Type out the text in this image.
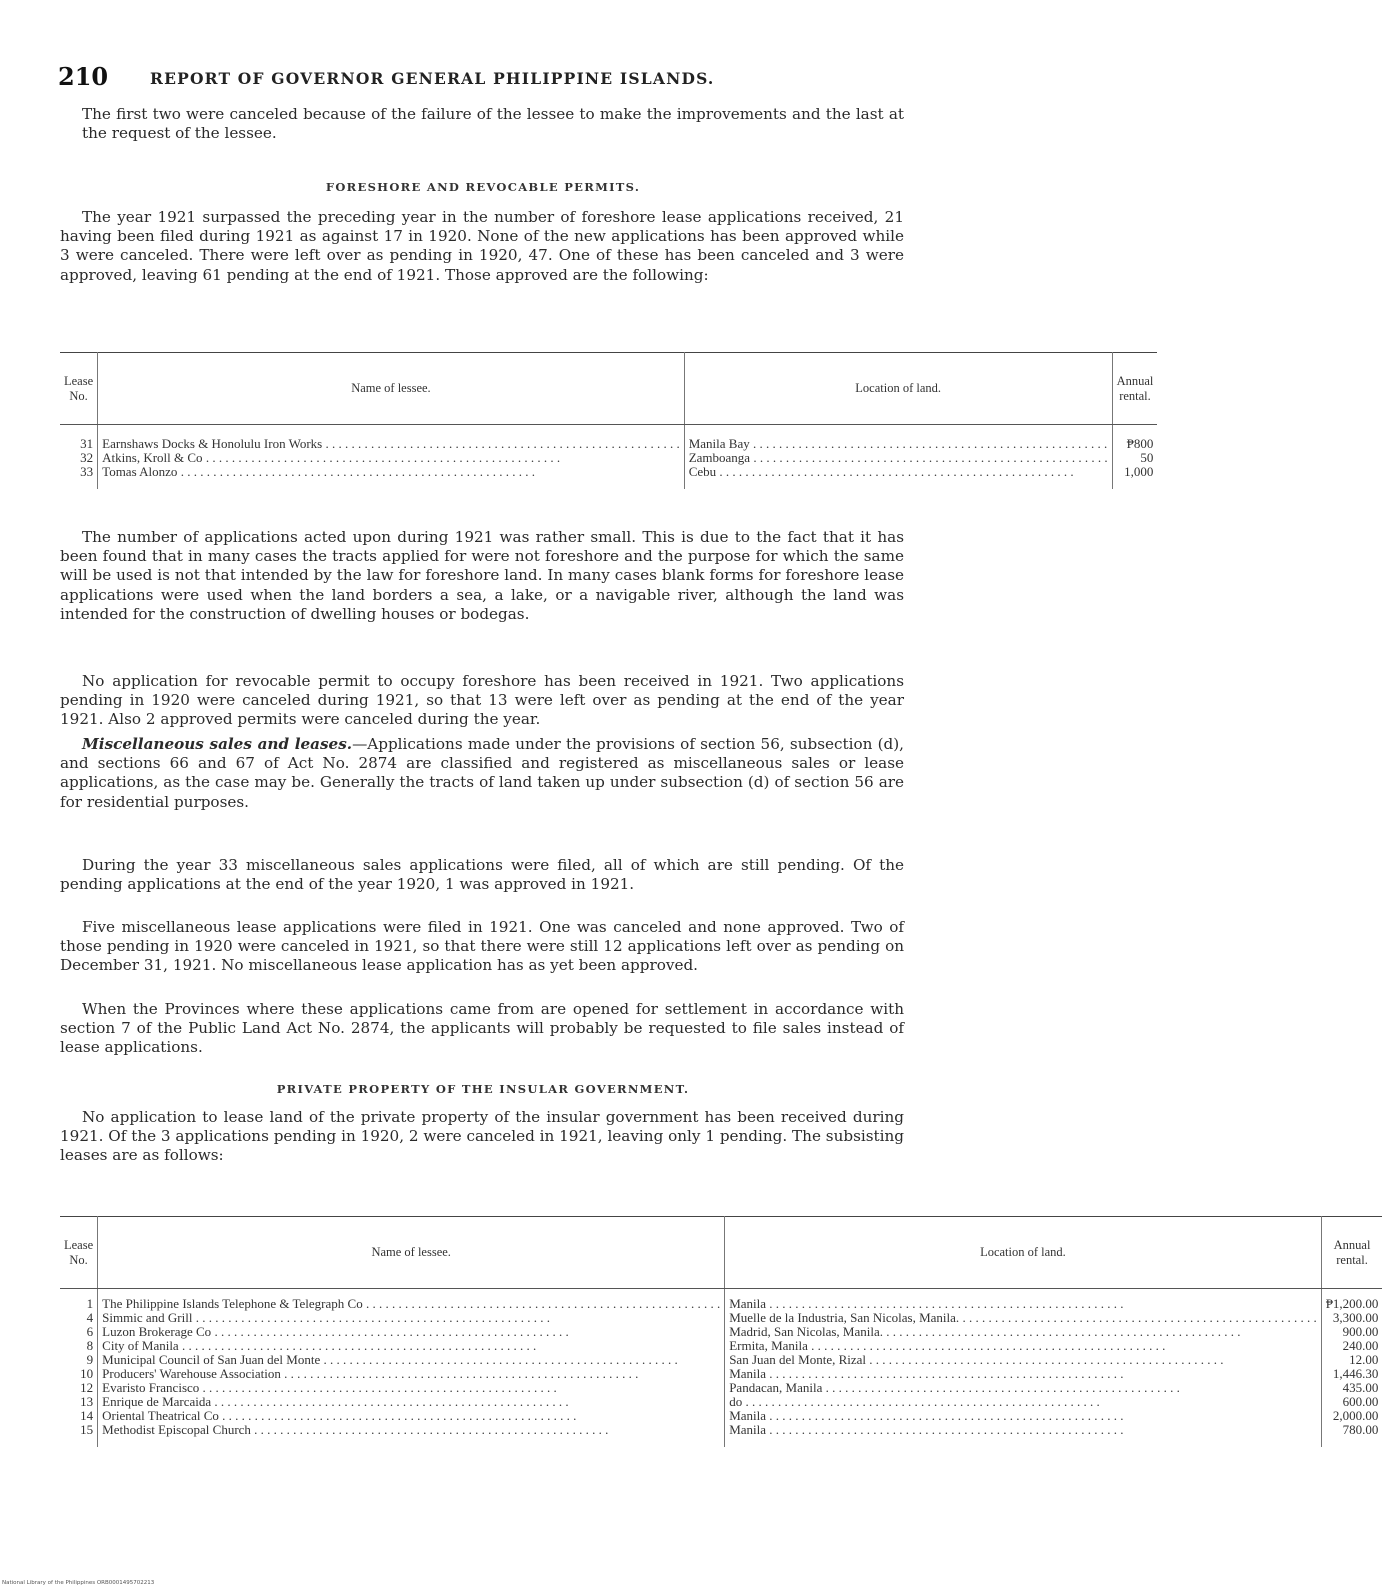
210	REPORT OF GOVERNOR GENERAL PHILIPPINE ISLANDS.

The first two were canceled because of the failure of the lessee to make the improvements and the last at the request of the lessee.

FORESHORE AND REVOCABLE PERMITS.

The year 1921 surpassed the preceding year in the number of foreshore lease applications received, 21 having been filed during 1921 as against 17 in 1920. None of the new applications has been approved while 3 were canceled. There were left over as pending in 1920, 47. One of these has been canceled and 3 were approved, leaving 61 pending at the end of 1921. Those approved are the following:

Lease No.	Name of lessee.	Location of land.	Annual rental.
31	Earnshaws Docks & Honolulu Iron Works . . .	Manila Bay . . .	₱800
32	Atkins, Kroll & Co . . .	Zamboanga . . .	50
33	Tomas Alonzo . . .	Cebu . . .	1,000

The number of applications acted upon during 1921 was rather small. This is due to the fact that it has been found that in many cases the tracts applied for were not foreshore and the purpose for which the same will be used is not that intended by the law for foreshore land. In many cases blank forms for foreshore lease applications were used when the land borders a sea, a lake, or a navigable river, although the land was intended for the construction of dwelling houses or bodegas.

No application for revocable permit to occupy foreshore has been received in 1921. Two applications pending in 1920 were canceled during 1921, so that 13 were left over as pending at the end of the year 1921. Also 2 approved permits were canceled during the year.

Miscellaneous sales and leases.—Applications made under the provisions of section 56, subsection (d), and sections 66 and 67 of Act No. 2874 are classified and registered as miscellaneous sales or lease applications, as the case may be. Generally the tracts of land taken up under subsection (d) of section 56 are for residential purposes.

During the year 33 miscellaneous sales applications were filed, all of which are still pending. Of the pending applications at the end of the year 1920, 1 was approved in 1921.

Five miscellaneous lease applications were filed in 1921. One was canceled and none approved. Two of those pending in 1920 were canceled in 1921, so that there were still 12 applications left over as pending on December 31, 1921. No miscellaneous lease application has as yet been approved.

When the Provinces where these applications came from are opened for settlement in accordance with section 7 of the Public Land Act No. 2874, the applicants will probably be requested to file sales instead of lease applications.

PRIVATE PROPERTY OF THE INSULAR GOVERNMENT.

No application to lease land of the private property of the insular government has been received during 1921. Of the 3 applications pending in 1920, 2 were canceled in 1921, leaving only 1 pending. The subsisting leases are as follows:

Lease No.	Name of lessee.	Location of land.	Annual rental.
1	The Philippine Islands Telephone & Telegraph Co . . .	Manila . . .	₱1,200.00
4	Simmic and Grill . . .	Muelle de la Industria, San Nicolas, Manila. . . .	3,300.00
6	Luzon Brokerage Co . . .	Madrid, San Nicolas, Manila. . . .	900.00
8	City of Manila . . .	Ermita, Manila . . .	240.00
9	Municipal Council of San Juan del Monte . . .	San Juan del Monte, Rizal . . .	12.00
10	Producers' Warehouse Association . . .	Manila . . .	1,446.30
12	Evaristo Francisco . . .	Pandacan, Manila . . .	435.00
13	Enrique de Marcaida . . .	do . . .	600.00
14	Oriental Theatrical Co . . .	Manila . . .	2,000.00
15	Methodist Episcopal Church . . .	Manila . . .	780.00
National Library of the Philippines ORB0001495702213
